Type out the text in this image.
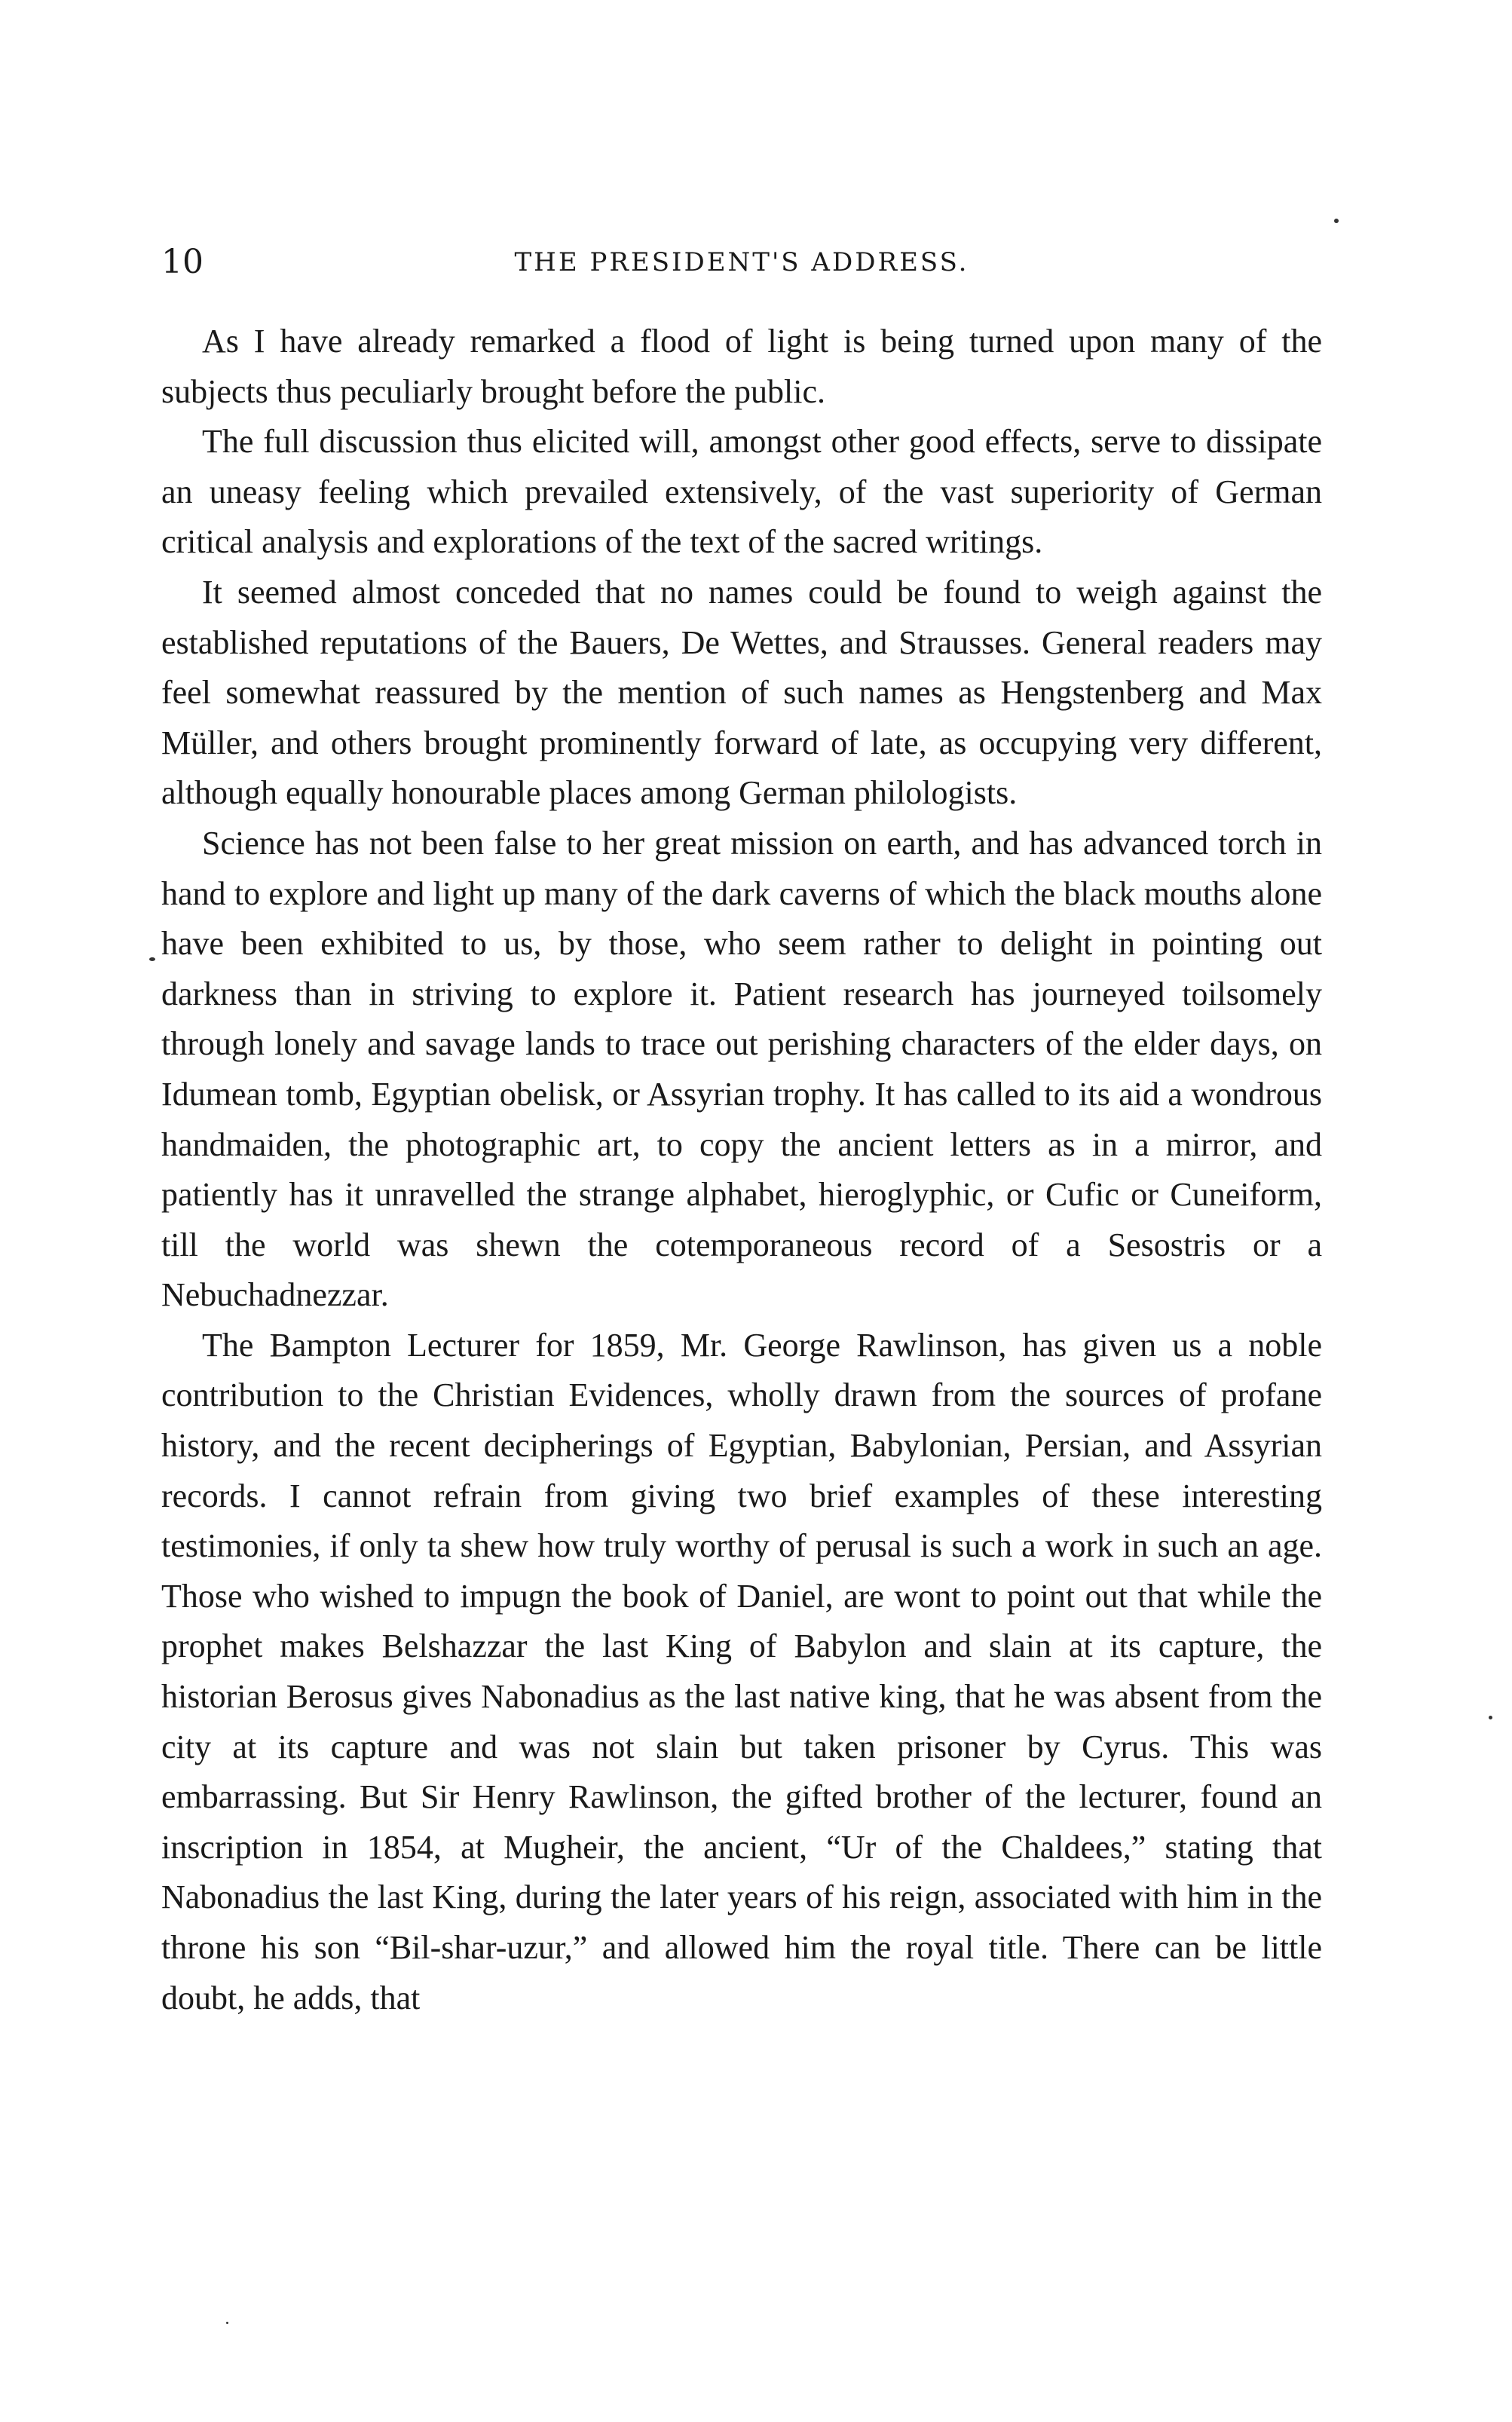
10	THE PRESIDENT'S ADDRESS.

As I have already remarked a flood of light is being turned upon many of the subjects thus peculiarly brought before the public.

The full discussion thus elicited will, amongst other good effects, serve to dissipate an uneasy feeling which prevailed extensively, of the vast superiority of German critical analysis and explorations of the text of the sacred writings.

It seemed almost conceded that no names could be found to weigh against the established reputations of the Bauers, De Wettes, and Strausses. General readers may feel somewhat reassured by the mention of such names as Hengstenberg and Max Müller, and others brought prominently forward of late, as occupying very different, although equally honourable places among German philologists.

Science has not been false to her great mission on earth, and has advanced torch in hand to explore and light up many of the dark caverns of which the black mouths alone have been exhibited to us, by those, who seem rather to delight in pointing out darkness than in striving to explore it. Patient research has journeyed toilsomely through lonely and savage lands to trace out perishing characters of the elder days, on Idumean tomb, Egyptian obelisk, or Assyrian trophy. It has called to its aid a wondrous handmaiden, the photographic art, to copy the ancient letters as in a mirror, and patiently has it unravelled the strange alphabet, hieroglyphic, or Cufic or Cuneiform, till the world was shewn the cotemporaneous record of a Sesostris or a Nebuchadnezzar.

The Bampton Lecturer for 1859, Mr. George Rawlinson, has given us a noble contribution to the Christian Evidences, wholly drawn from the sources of profane history, and the recent decipherings of Egyptian, Babylonian, Persian, and Assyrian records. I cannot refrain from giving two brief examples of these interesting testimonies, if only ta shew how truly worthy of perusal is such a work in such an age. Those who wished to impugn the book of Daniel, are wont to point out that while the prophet makes Belshazzar the last King of Babylon and slain at its capture, the historian Berosus gives Nabonadius as the last native king, that he was absent from the city at its capture and was not slain but taken prisoner by Cyrus. This was embarrassing. But Sir Henry Rawlinson, the gifted brother of the lecturer, found an inscription in 1854, at Mugheir, the ancient, “Ur of the Chaldees,” stating that Nabonadius the last King, during the later years of his reign, associated with him in the throne his son “Bil-shar-uzur,” and allowed him the royal title. There can be little doubt, he adds, that
